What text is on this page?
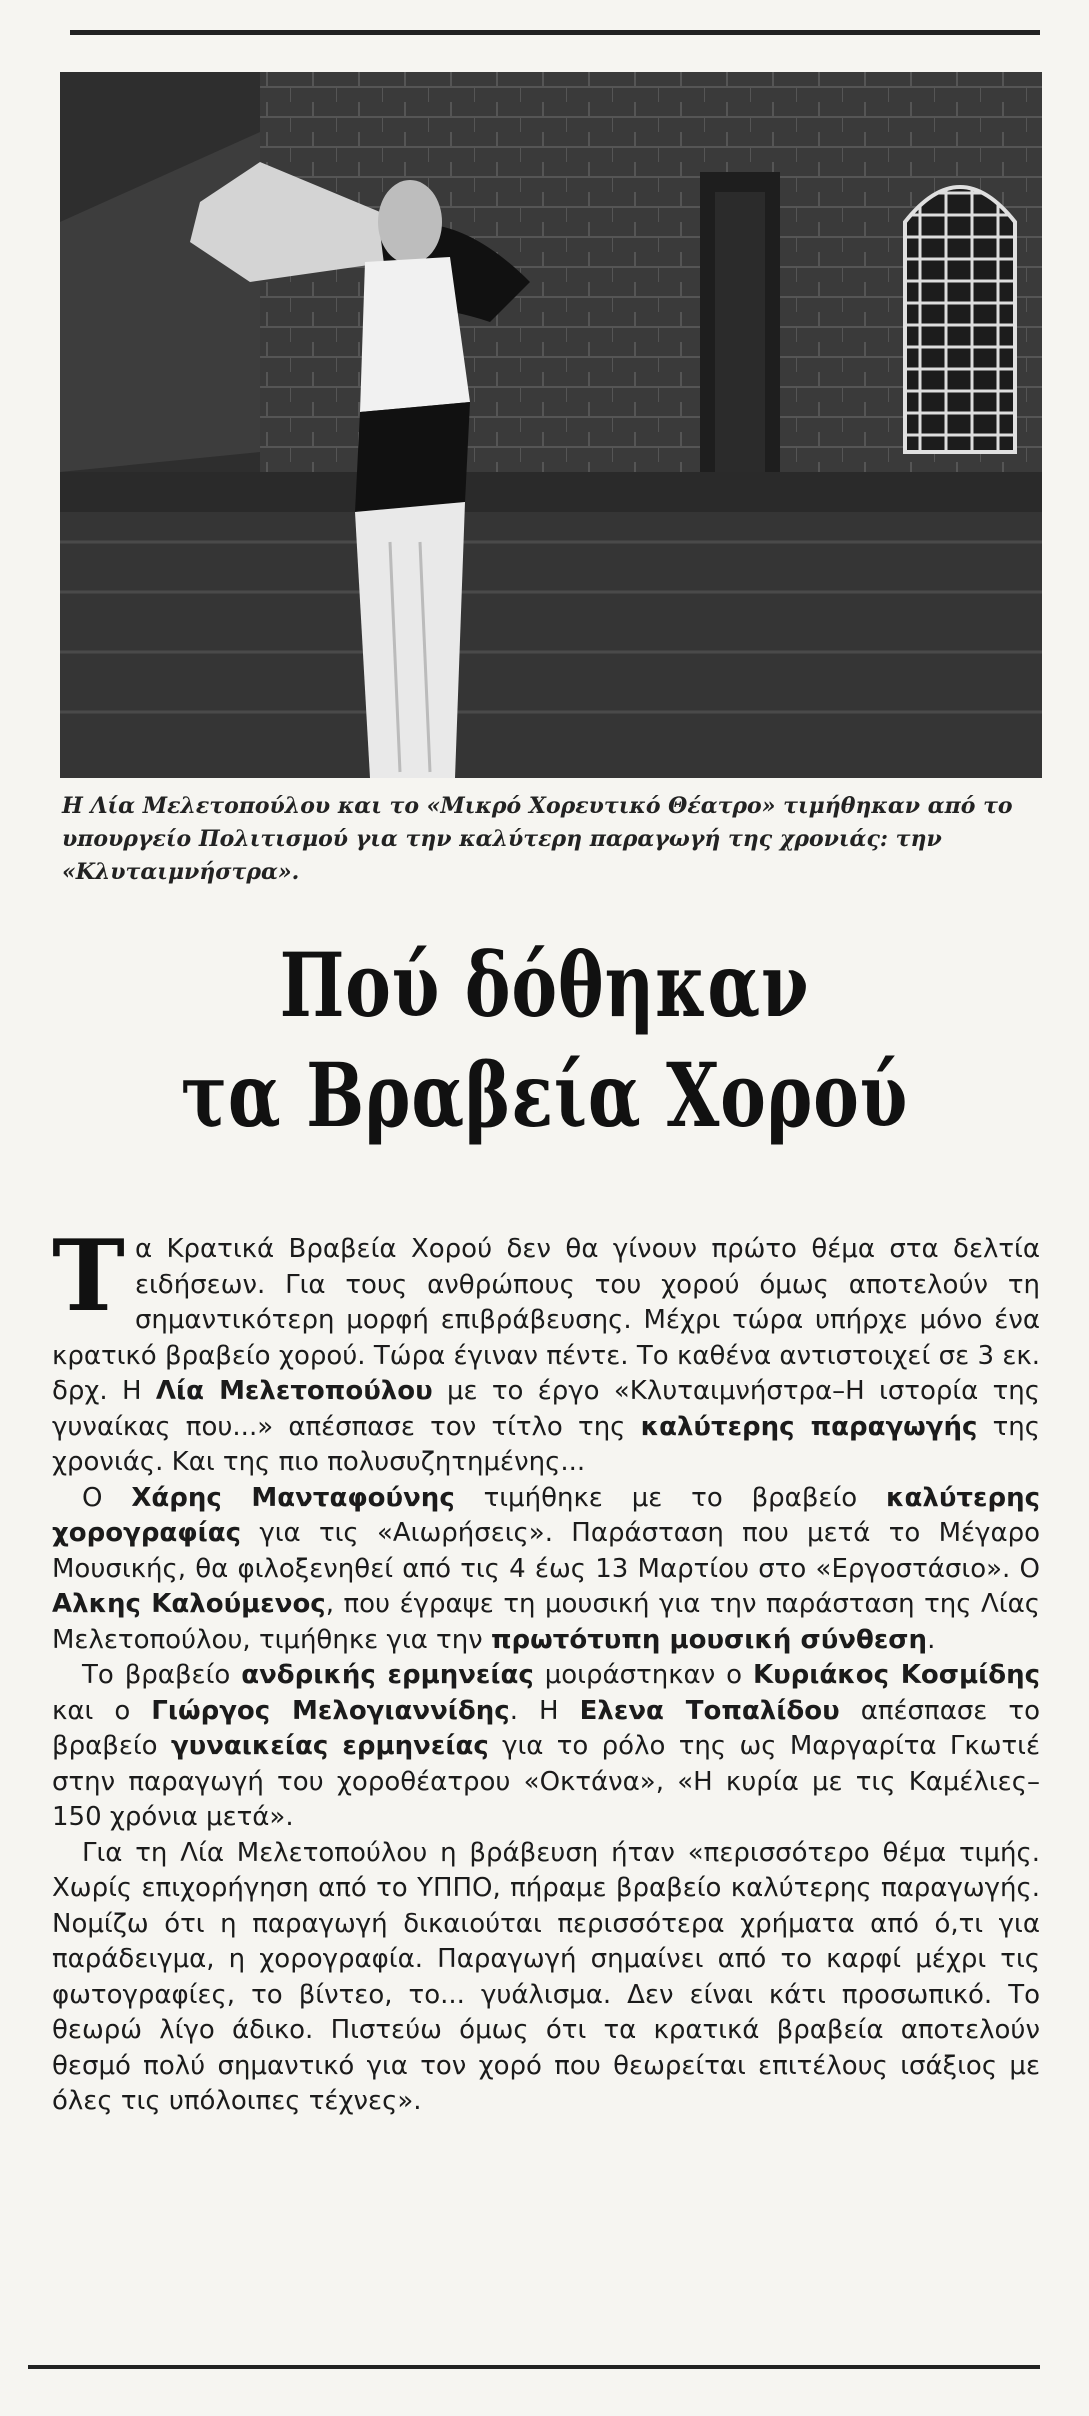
Η Λία Μελετοπούλου και το «Μικρό Χορευτικό Θέατρο» τιμήθηκαν από το υπουργείο Πολιτισμού για την καλύτερη παραγωγή της χρονιάς: την «Κλυταιμνήστρα».
Πού δόθηκαν
τα Βραβεία Χορού

Τα Κρατικά Βραβεία Χορού δεν θα γίνουν πρώτο θέμα στα δελτία ειδήσεων. Για τους ανθρώπους του χορού όμως αποτελούν τη σημαντικότερη μορφή επιβράβευσης. Μέχρι τώρα υπήρχε μόνο ένα κρατικό βραβείο χορού. Τώρα έγιναν πέντε. Το καθένα αντιστοιχεί σε 3 εκ. δρχ. Η Λία Μελετοπούλου με το έργο «Κλυταιμνήστρα–Η ιστορία της γυναίκας που...» απέσπασε τον τίτλο της καλύτερης παραγωγής της χρονιάς. Και της πιο πολυσυζητημένης...

Ο Χάρης Μανταφούνης τιμήθηκε με το βραβείο καλύτερης χορογραφίας για τις «Αιωρήσεις». Παράσταση που μετά το Μέγαρο Μουσικής, θα φιλοξενηθεί από τις 4 έως 13 Μαρτίου στο «Εργοστάσιο». Ο Αλκης Καλούμενος, που έγραψε τη μουσική για την παράσταση της Λίας Μελετοπούλου, τιμήθηκε για την πρωτότυπη μουσική σύνθεση.

Το βραβείο ανδρικής ερμηνείας μοιράστηκαν ο Κυριάκος Κοσμίδης και ο Γιώργος Μελογιαννίδης. Η Ελενα Τοπαλίδου απέσπασε το βραβείο γυναικείας ερμηνείας για το ρόλο της ως Μαργαρίτα Γκωτιέ στην παραγωγή του χοροθέατρου «Οκτάνα», «Η κυρία με τις Καμέλιες–150 χρόνια μετά».

Για τη Λία Μελετοπούλου η βράβευση ήταν «περισσότερο θέμα τιμής. Χωρίς επιχορήγηση από το ΥΠΠΟ, πήραμε βραβείο καλύτερης παραγωγής. Νομίζω ότι η παραγωγή δικαιούται περισσότερα χρήματα από ό,τι για παράδειγμα, η χορογραφία. Παραγωγή σημαίνει από το καρφί μέχρι τις φωτογραφίες, το βίντεο, το... γυάλισμα. Δεν είναι κάτι προσωπικό. Το θεωρώ λίγο άδικο. Πιστεύω όμως ότι τα κρατικά βραβεία αποτελούν θεσμό πολύ σημαντικό για τον χορό που θεωρείται επιτέλους ισάξιος με όλες τις υπόλοιπες τέχνες».
